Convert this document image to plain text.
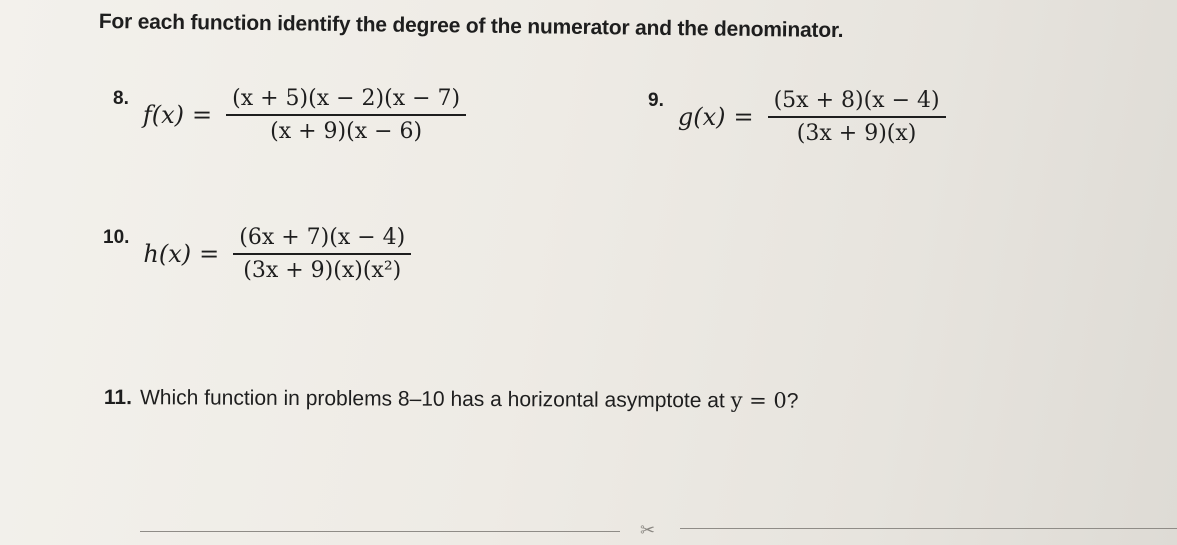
For each function identify the degree of the numerator and the denominator.
8.
$f(x) = \frac{(x + 5)(x - 2)(x - 7)}{(x + 9)(x - 6)}$	9.
$g(x) = \frac{(5x + 8)(x - 4)}{(3x + 9)(x)}$
10.
$h(x) = \frac{(6x + 7)(x - 4)}{\text{(3x + 9)(x)(x²)}}$
11. Which function in problems 8–10 has a horizontal asymptote at y = 0?
✂
